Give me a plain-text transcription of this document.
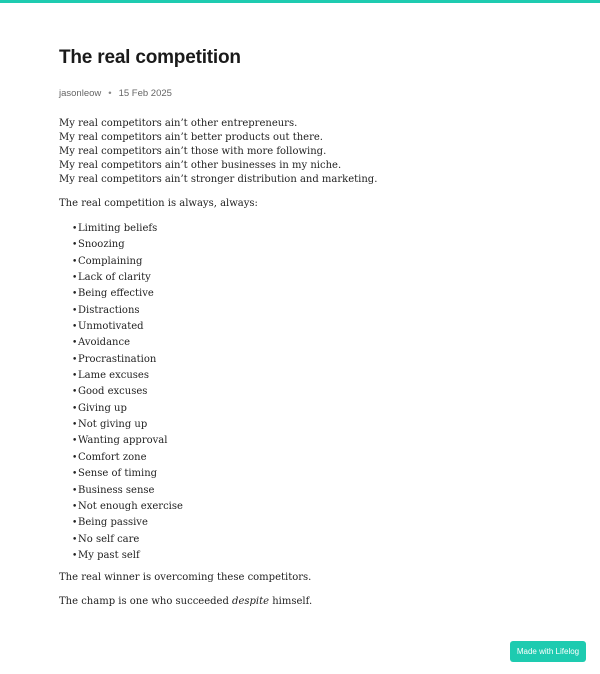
The real competition
jasonleow • 15 Feb 2025
My real competitors ain’t other entrepreneurs.
My real competitors ain’t better products out there.
My real competitors ain’t those with more following.
My real competitors ain’t other businesses in my niche.
My real competitors ain’t stronger distribution and marketing.

The real competition is always, always:

• Limiting beliefs
• Snoozing
• Complaining
• Lack of clarity
• Being effective
• Distractions
• Unmotivated
• Avoidance
• Procrastination
• Lame excuses
• Good excuses
• Giving up
• Not giving up
• Wanting approval
• Comfort zone
• Sense of timing
• Business sense
• Not enough exercise
• Being passive
• No self care
• My past self

The real winner is overcoming these competitors.

The champ is one who succeeded despite himself.

Made with Lifelog
